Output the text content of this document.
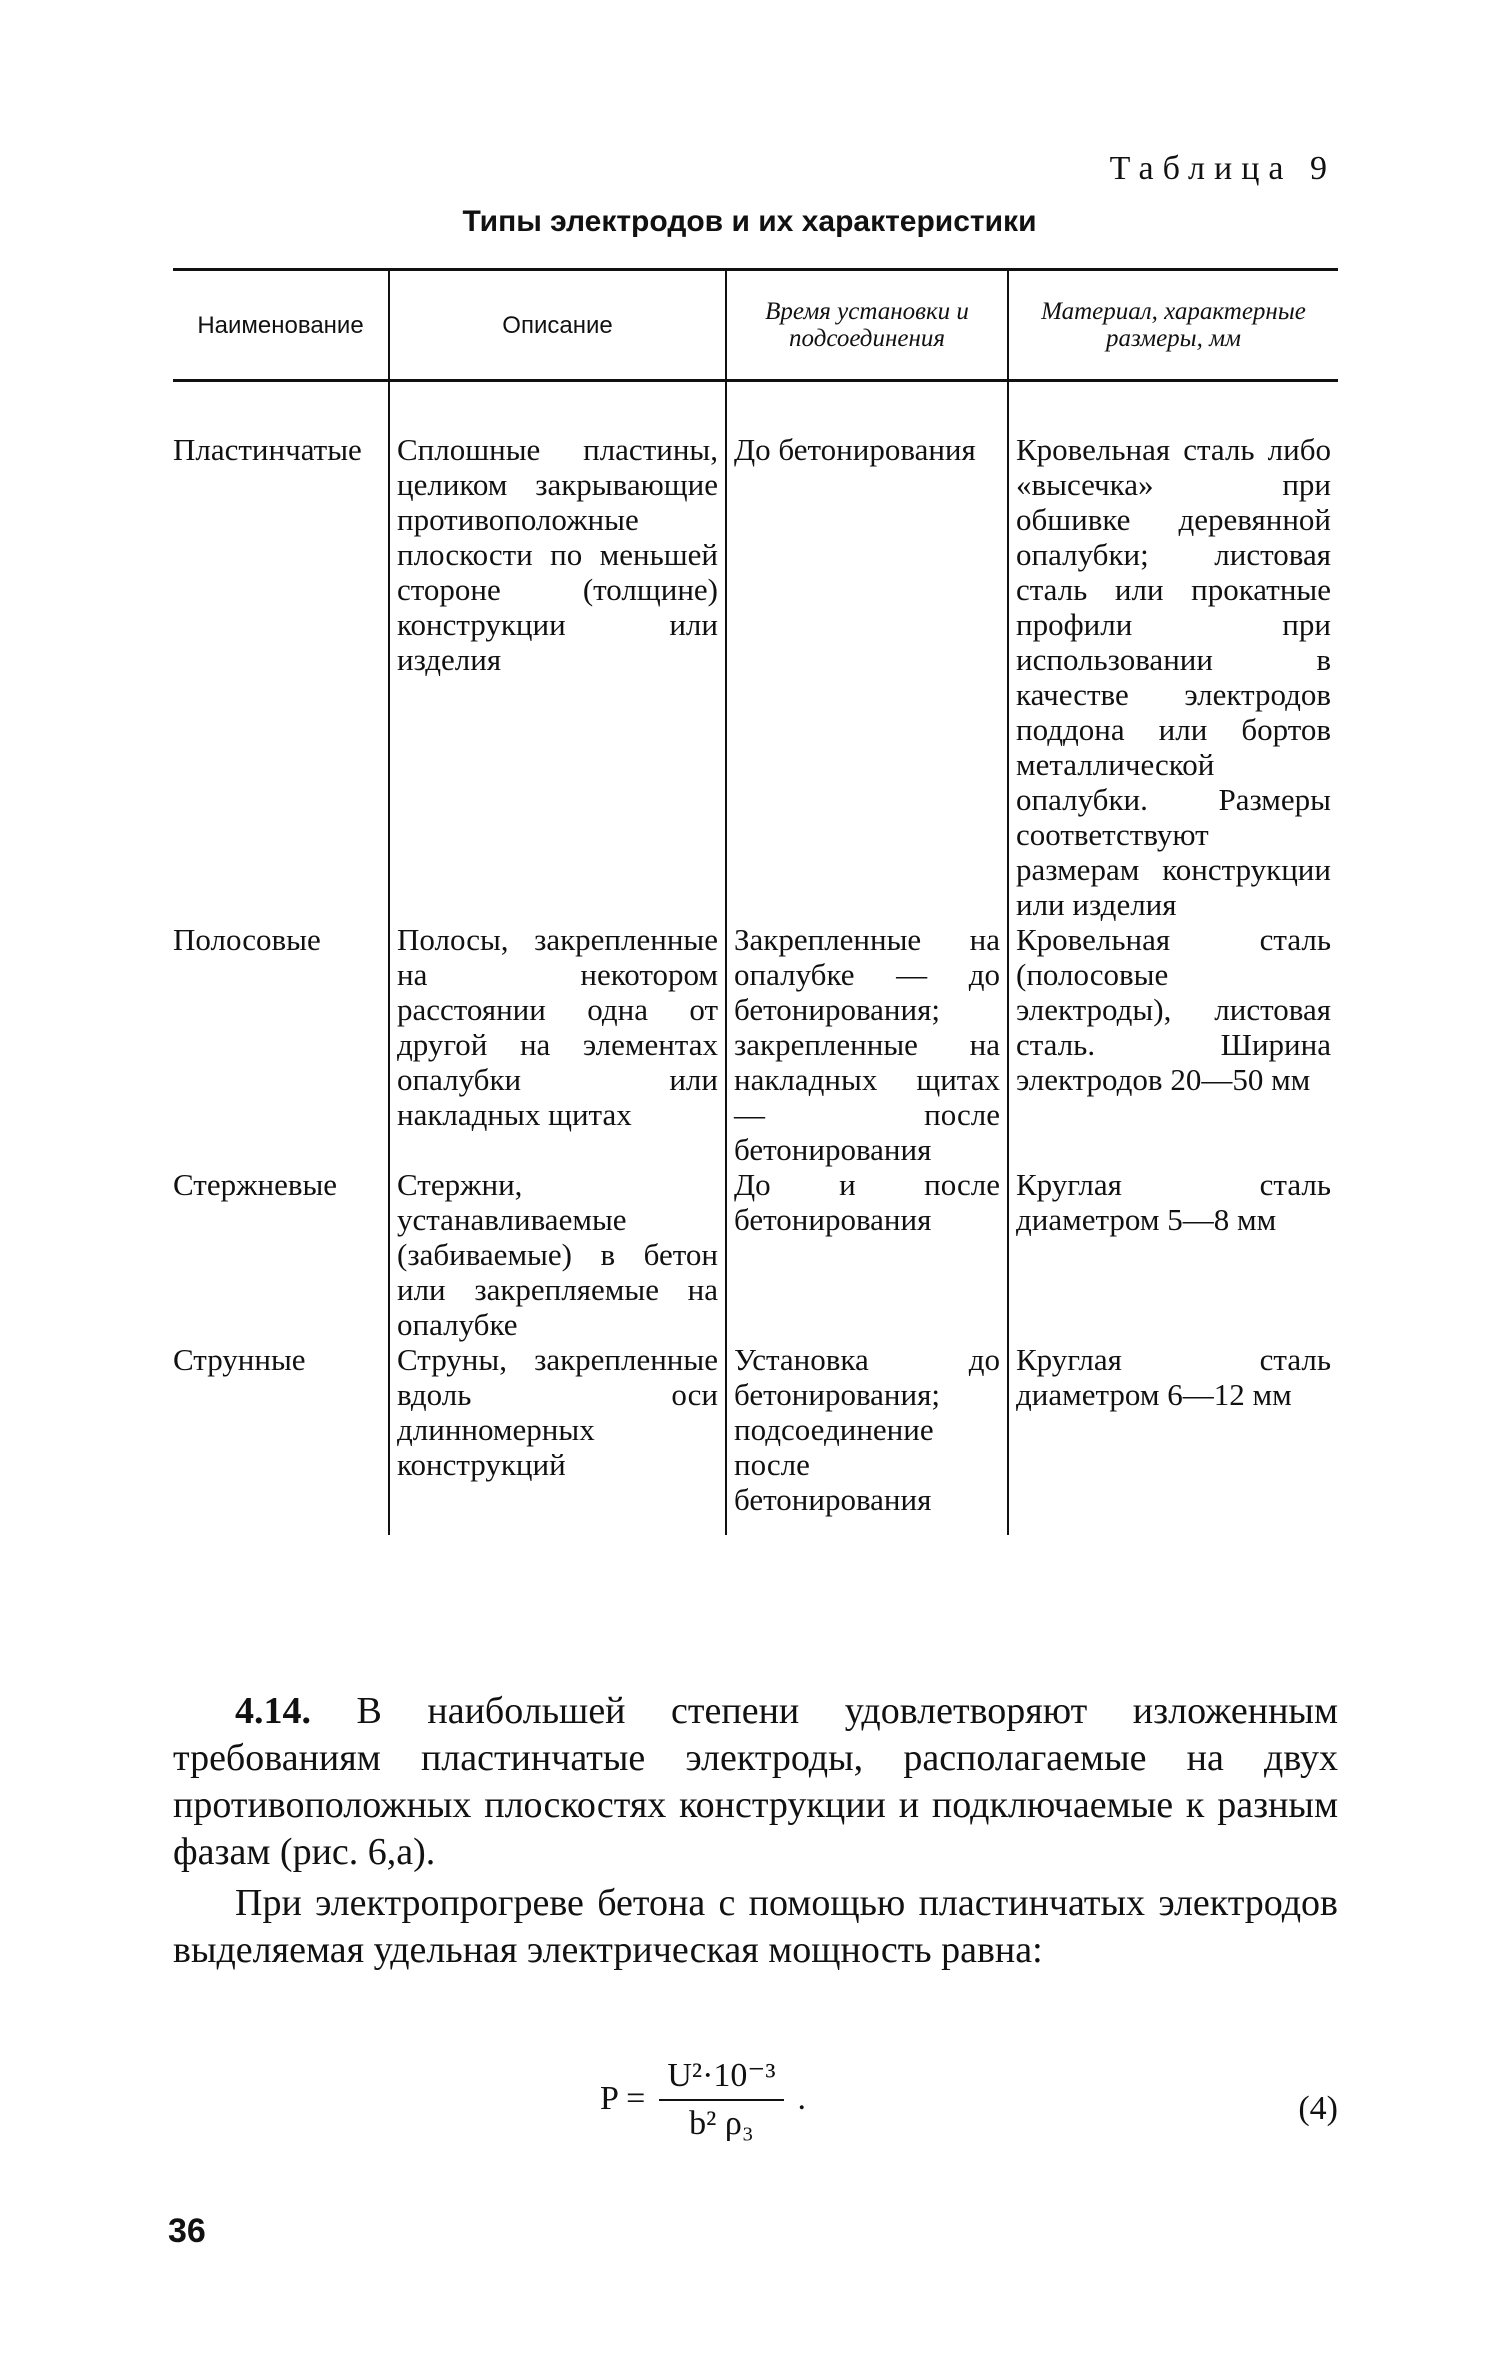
Таблица 9
Типы электродов и их характеристики
Наименование	Описание	Время установки и подсоединения	Материал, характерные размеры, мм
Пластинчатые	Сплошные пластины, целиком закрывающие противоположные плоскости по меньшей стороне (толщине) конструкции или изделия	До бетонирования	Кровельная сталь либо «высечка» при обшивке деревянной опалубки; листовая сталь или прокатные профили при использовании в качестве электродов поддона или бортов металлической опалубки. Размеры соответствуют размерам конструкции или изделия
Полосовые	Полосы, закрепленные на некотором расстоянии одна от другой на элементах опалубки или накладных щитах	Закрепленные на опалубке — до бетонирования; закрепленные на накладных щитах — после бетонирования	Кровельная сталь (полосовые электроды), листовая сталь. Ширина электродов 20—50 мм
Стержневые	Стержни, устанавливаемые (забиваемые) в бетон или закрепляемые на опалубке	До и после бетонирования	Круглая сталь диаметром 5—8 мм
Струнные	Струны, закрепленные вдоль оси длинномерных конструкций	Установка до бетонирования; подсоединение после бетонирования	Круглая сталь диаметром 6—12 мм

4.14. В наибольшей степени удовлетворяют изложенным требованиям пластинчатые электроды, располагаемые на двух противоположных плоскостях конструкции и подключаемые к разным фазам (рис. 6,а).

При электропрогреве бетона с помощью пластинчатых электродов выделяемая удельная электрическая мощность равна:

$P = \frac{\text{U²·10⁻³}}{\text{b² ρ₃}}$ .	(4)
36
